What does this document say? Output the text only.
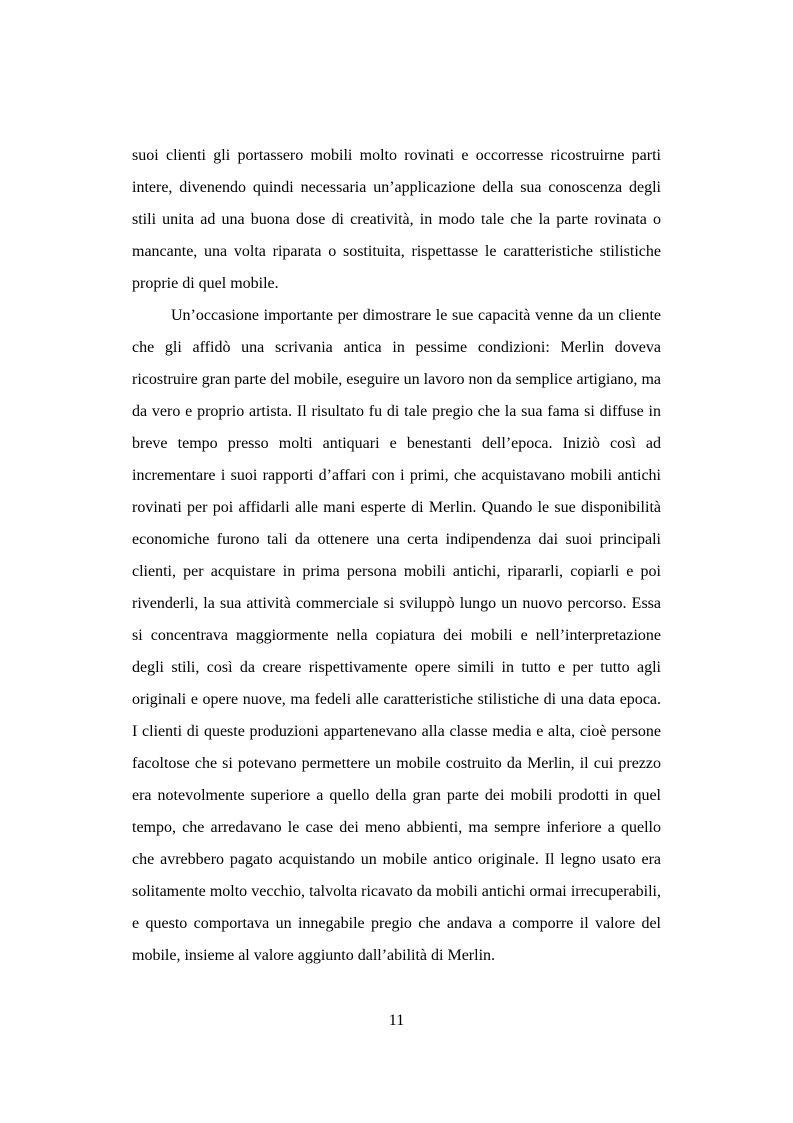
suoi clienti gli portassero mobili molto rovinati e occorresse ricostruirne parti intere, divenendo quindi necessaria un’applicazione della sua conoscenza degli stili unita ad una buona dose di creatività, in modo tale che la parte rovinata o mancante, una volta riparata o sostituita, rispettasse le caratteristiche stilistiche proprie di quel mobile.

Un’occasione importante per dimostrare le sue capacità venne da un cliente che gli affidò una scrivania antica in pessime condizioni: Merlin doveva ricostruire gran parte del mobile, eseguire un lavoro non da semplice artigiano, ma da vero e proprio artista. Il risultato fu di tale pregio che la sua fama si diffuse in breve tempo presso molti antiquari e benestanti dell’epoca. Iniziò così ad incrementare i suoi rapporti d’affari con i primi, che acquistavano mobili antichi rovinati per poi affidarli alle mani esperte di Merlin. Quando le sue disponibilità economiche furono tali da ottenere una certa indipendenza dai suoi principali clienti, per acquistare in prima persona mobili antichi, ripararli, copiarli e poi rivenderli, la sua attività commerciale si sviluppò lungo un nuovo percorso. Essa si concentrava maggiormente nella copiatura dei mobili e nell’interpretazione degli stili, così da creare rispettivamente opere simili in tutto e per tutto agli originali e opere nuove, ma fedeli alle caratteristiche stilistiche di una data epoca. I clienti di queste produzioni appartenevano alla classe media e alta, cioè persone facoltose che si potevano permettere un mobile costruito da Merlin, il cui prezzo era notevolmente superiore a quello della gran parte dei mobili prodotti in quel tempo, che arredavano le case dei meno abbienti, ma sempre inferiore a quello che avrebbero pagato acquistando un mobile antico originale. Il legno usato era solitamente molto vecchio, talvolta ricavato da mobili antichi ormai irrecuperabili, e questo comportava un innegabile pregio che andava a comporre il valore del mobile, insieme al valore aggiunto dall’abilità di Merlin.

11
